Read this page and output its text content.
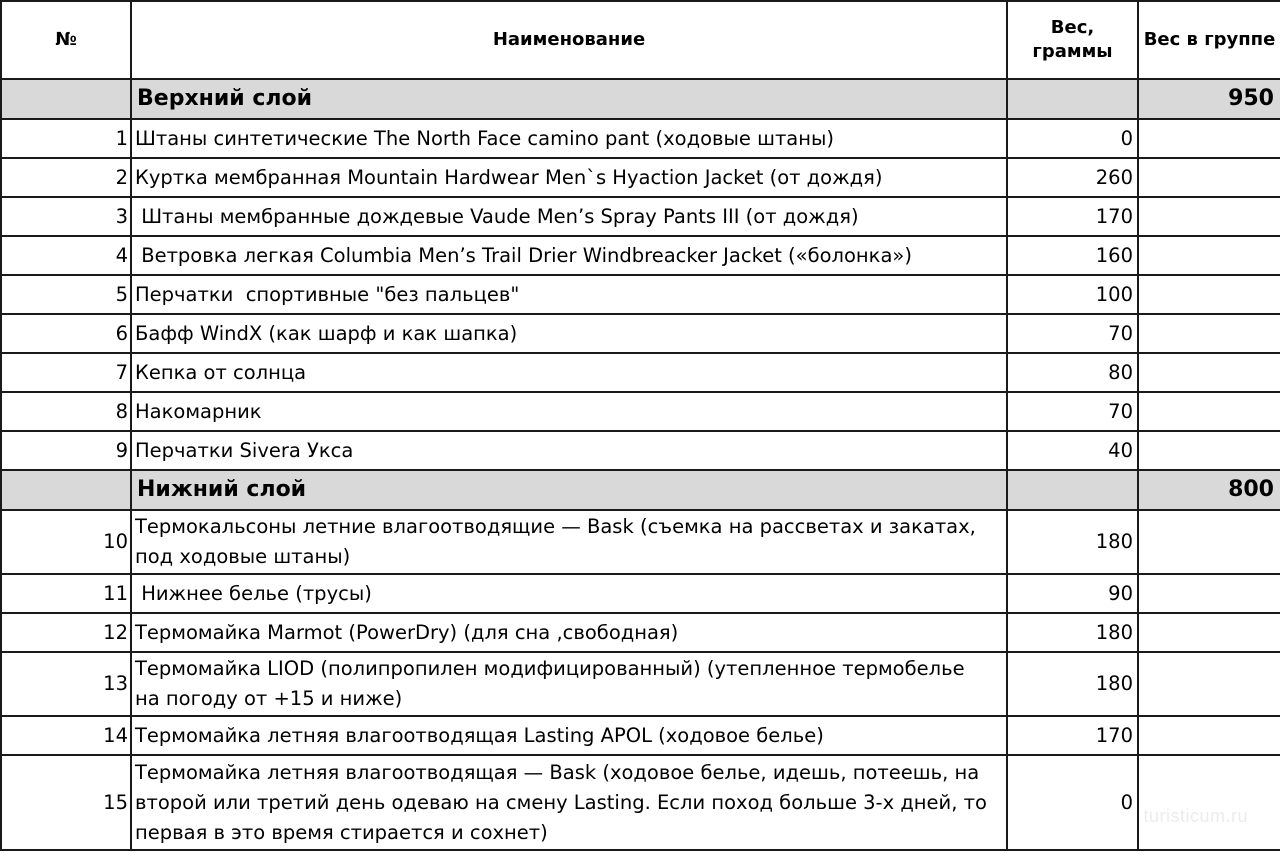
№	Наименование	Вес,
граммы	Вес в группе
	Верхний слой		950
1	Штаны синтетические The North Face camino pant (ходовые штаны)	0	
2	Куртка мембранная Mountain Hardwear Men`s Hyaction Jacket (от дождя)	260	
3	Штаны мембранные дождевые Vaude Men’s Spray Pants III (от дождя)	170	
4	Ветровка легкая Columbia Men’s Trail Drier Windbreacker Jacket («болонка»)	160	
5	Перчатки  спортивные "без пальцев"	100	
6	Бафф WindX (как шарф и как шапка)	70	
7	Кепка от солнца	80	
8	Накомарник	70	
9	Перчатки Sivera Укса	40	
	Нижний слой		800
10	Термокальсоны летние влагоотводящие — Bask (съемка на рассветах и закатах,
под ходовые штаны)	180	
11	Нижнее белье (трусы)	90	
12	Термомайка Marmot (PowerDry) (для сна ,свободная)	180	
13	Термомайка LIOD (полипропилен модифицированный) (утепленное термобелье
на погоду от +15 и ниже)	180	
14	Термомайка летняя влагоотводящая Lasting APOL (ходовое белье)	170	
15	Термомайка летняя влагоотводящая — Bask (ходовое белье, идешь, потеешь, на
второй или третий день одеваю на смену Lasting. Если поход больше 3-х дней, то
первая в это время стирается и сохнет)	0	
turisticum.ru
